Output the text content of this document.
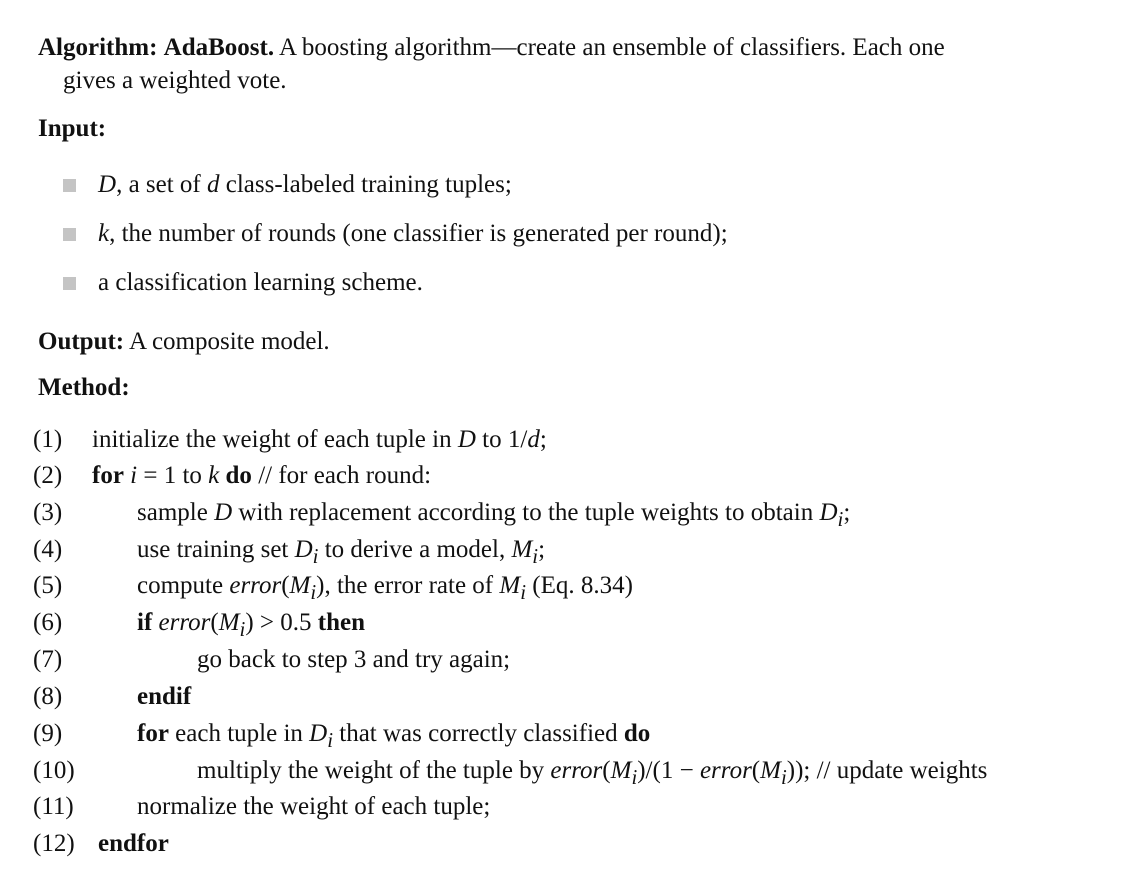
Algorithm: AdaBoost. A boosting algorithm—create an ensemble of classifiers. Each one
gives a weighted vote.
Input:
D, a set of d class-labeled training tuples;
k, the number of rounds (one classifier is generated per round);
a classification learning scheme.
Output: A composite model.
Method:
(1)
(2)
(3)
(4)
(5)
(6)
(7)
(8)
(9)
(10)
(11)
(12)
initialize the weight of each tuple in D to 1/d;
for i = 1 to k do // for each round:
sample D with replacement according to the tuple weights to obtain $D_i$;
use training set $D_i$ to derive a model, $M_i$;
compute $error(M_i)$, the error rate of $M_i$ (Eq. 8.34)
if $error(M_i) > 0.5$ then
go back to step 3 and try again;
endif
for each tuple in $D_i$ that was correctly classified do
multiply the weight of the tuple by $error(M_i)/(1$ − $error(M_i)$); // update weights
normalize the weight of each tuple;
endfor
